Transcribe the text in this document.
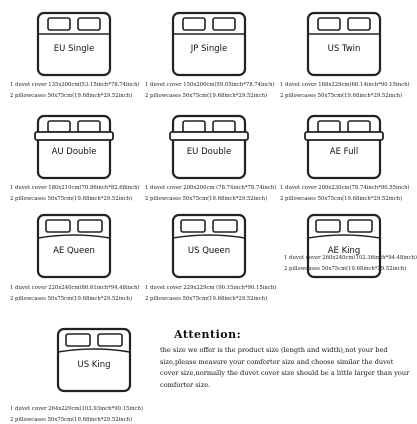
EU Single
1 duvet cover 135x200cm(53.15inch*78.74inch)
2 pillowcases 50x75cm(19.68inch*29.52inch)
JP Single
1 duvet cover 150x200cm(59.05inch*78.74inch)
2 pillowcases 50x75cm(19.68inch*29.52inch)
US Twin
1 duvet cover 168x229cm(66.14inch*90.15inch)
2 pillowcases 50x75cm(19.68inch*29.52inch)
AU Double
1 duvet cover 180x210cm(70.86inch*82.68inch)
2 pillowcases 50x75cm(19.68inch*29.52inch)
EU Double
1 duvet cover 200x200cm (78.74inch*78.74inch)
2 pillowcases 50x75cm(19.68inch*29.52inch)
AE Full
1 duvet cover 200x230cm(78.74inch*90.55inch)
2 pillowcases 50x75cm(19.68inch*29.52inch)
AE Queen
1 duvet cover 220x240cm(86.61inch*94.48inch)
2 pillowcases 50x75cm(19.68inch*29.52inch)
US Queen
1 duvet cover 229x229cm (90.15inch*90.15inch)
2 pillowcases 50x75cm(19.68inch*29.52inch)
AE King
1 duvet cover 260x240cm(102.36inch*94.48inch)
2 pillowcases 50x75cm(19.68inch*29.52inch)
US King
1 duvet cover 264x229cm(103.93inch*90.15inch)
2 pillowcases 50x75cm(19.68inch*29.52inch)
Attention:
the size we offer is the product size (length and width),not your bed size,please measure your comforter size and choose similar the duvet cover size,normally the duvet cover size should be a little larger than your comforter size.
